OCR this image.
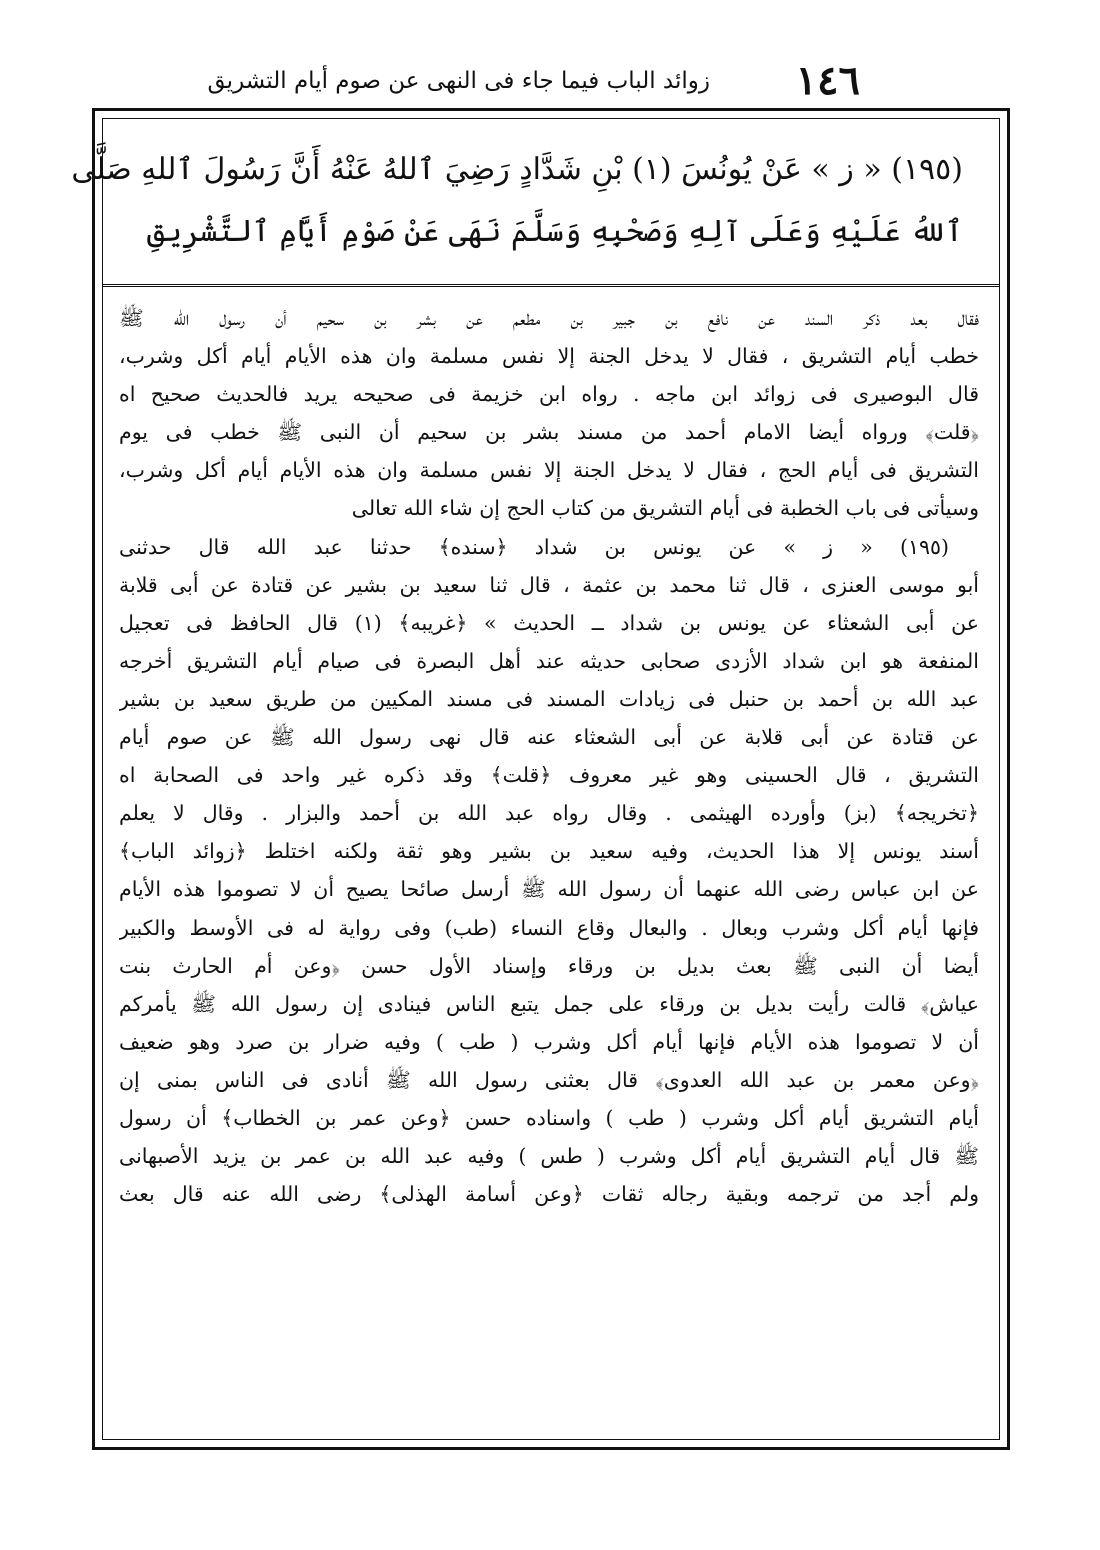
١٤٦
زوائد الباب فيما جاء فى النهى عن صوم أيام التشريق
(١٩٥) « ز » عَنْ يُونُسَ (١) بْنِ شَدَّادٍ رَضِيَ ٱللهُ عَنْهُ أَنَّ رَسُولَ ٱللهِ صَلَّى
ٱللهُ عَلَيْهِ وَعَلَى آلِهِ وَصَحْبِهِ وَسَلَّمَ نَهَى عَنْ صَوْمِ أَيَّامِ ٱلتَّشْرِيقِ
فقال بعد ذكر السند عن نافع بن جبير بن مطعم عن بشر بن سحيم أن رسول الله ﷺ
خطب أيام التشريق ، فقال لا يدخل الجنة إلا نفس مسلمة وان هذه الأيام أيام أكل وشرب،
قال البوصيرى فى زوائد ابن ماجه . رواه ابن خزيمة فى صحيحه يريد فالحديث صحيح اه
﴿قلت﴾ ورواه أيضا الامام أحمد من مسند بشر بن سحيم أن النبى ﷺ خطب فى يوم
التشريق فى أيام الحج ، فقال لا يدخل الجنة إلا نفس مسلمة وان هذه الأيام أيام أكل وشرب،
وسيأتى فى باب الخطبة فى أيام التشريق من كتاب الحج إن شاء الله تعالى
(١٩٥) « ز » عن يونس بن شداد ﴿سنده﴾ حدثنا عبد الله قال حدثنى
أبو موسى العنزى ، قال ثنا محمد بن عثمة ، قال ثنا سعيد بن بشير عن قتادة عن أبى قلابة
عن أبى الشعثاء عن يونس بن شداد ــ الحديث » ﴿غريبه﴾ (١) قال الحافظ فى تعجيل
المنفعة هو ابن شداد الأزدى صحابى حديثه عند أهل البصرة فى صيام أيام التشريق أخرجه
عبد الله بن أحمد بن حنبل فى زيادات المسند فى مسند المكيين من طريق سعيد بن بشير
عن قتادة عن أبى قلابة عن أبى الشعثاء عنه قال نهى رسول الله ﷺ عن صوم أيام
التشريق ، قال الحسينى وهو غير معروف ﴿قلت﴾ وقد ذكره غير واحد فى الصحابة اه
﴿تخريجه﴾ (بز) وأورده الهيثمى . وقال رواه عبد الله بن أحمد والبزار . وقال لا يعلم
أسند يونس إلا هذا الحديث، وفيه سعيد بن بشير وهو ثقة ولكنه اختلط ﴿زوائد الباب﴾
عن ابن عباس رضى الله عنهما أن رسول الله ﷺ أرسل صائحا يصيح أن لا تصوموا هذه الأيام
فإنها أيام أكل وشرب وبعال . والبعال وقاع النساء (طب) وفى رواية له فى الأوسط والكبير
أيضا أن النبى ﷺ بعث بديل بن ورقاء وإسناد الأول حسن ﴿وعن أم الحارث بنت
عياش﴾ قالت رأيت بديل بن ورقاء على جمل يتبع الناس فينادى إن رسول الله ﷺ يأمركم
أن لا تصوموا هذه الأيام فإنها أيام أكل وشرب ( طب ) وفيه ضرار بن صرد وهو ضعيف
﴿وعن معمر بن عبد الله العدوى﴾ قال بعثنى رسول الله ﷺ أنادى فى الناس بمنى إن
أيام التشريق أيام أكل وشرب ( طب ) واسناده حسن ﴿وعن عمر بن الخطاب﴾ أن رسول
ﷺ قال أيام التشريق أيام أكل وشرب ( طس ) وفيه عبد الله بن عمر بن يزيد الأصبهانى
ولم أجد من ترجمه وبقية رجاله ثقات ﴿وعن أسامة الهذلى﴾ رضى الله عنه قال بعث
